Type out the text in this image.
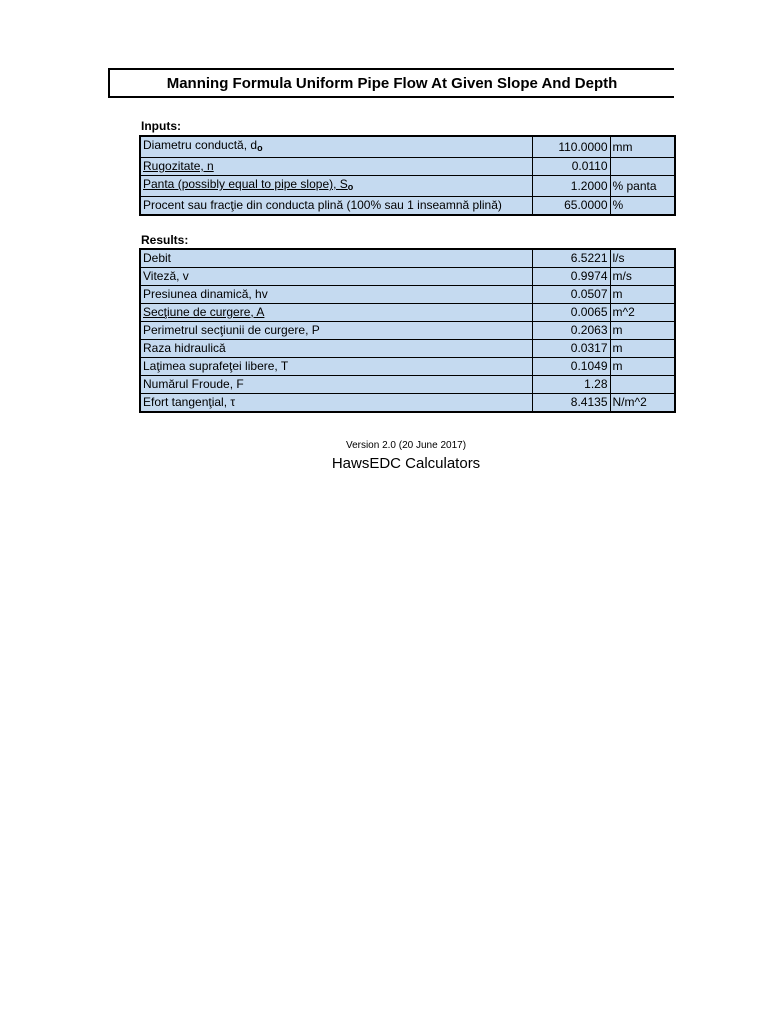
Manning Formula Uniform Pipe Flow At Given Slope And Depth
Inputs:
Diametru conductă, $d_o$	110.0000	mm
Rugozitate, n	0.0110	
Panta (possibly equal to pipe slope), $S_o$	1.2000	% panta
Procent sau fracţie din conducta plină (100% sau 1 inseamnă plină)	65.0000	%
Results:
Debit	6.5221	l/s
Viteză, v	0.9974	m/s
Presiunea dinamică, hv	0.0507	m
Secţiune de curgere, A	0.0065	m^2
Perimetrul secţiunii de curgere, P	0.2063	m
Raza hidraulică	0.0317	m
Laţimea suprafeţei libere, T	0.1049	m
Numărul Froude, F	1.28	
Efort tangenţial, τ	8.4135	N/m^2
Version 2.0 (20 June 2017)
HawsEDC Calculators
